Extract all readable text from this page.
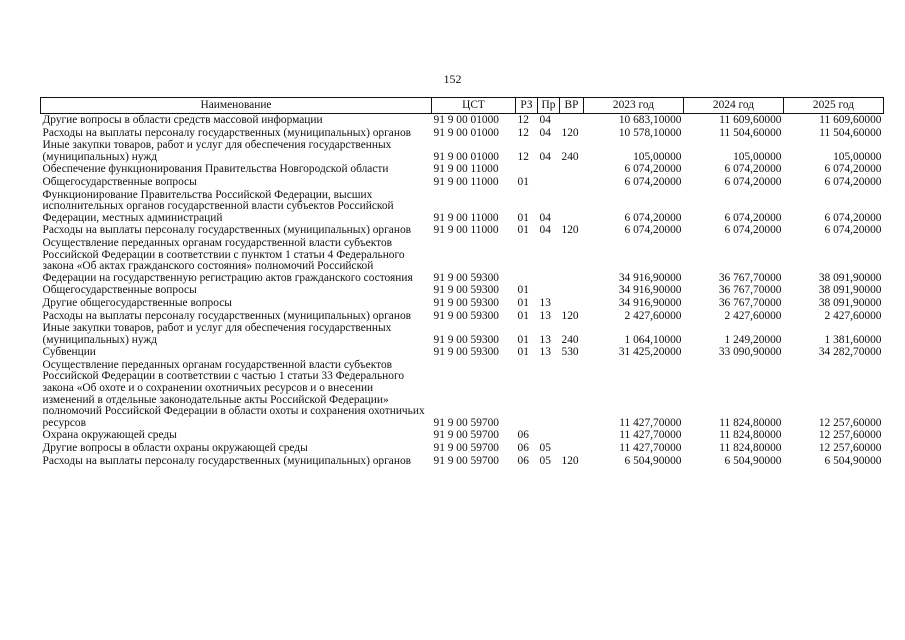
152
Наименование	ЦСТ	РЗ	Пр	ВР	2023 год	2024 год	2025 год
Другие вопросы в области средств массовой информации	91 9 00 01000	12	04		10 683,10000	11 609,60000	11 609,60000
Расходы на выплаты персоналу государственных (муниципальных) органов	91 9 00 01000	12	04	120	10 578,10000	11 504,60000	11 504,60000
Иные закупки товаров, работ и услуг для обеспечения государственных (муниципальных) нужд	91 9 00 01000	12	04	240	105,00000	105,00000	105,00000
Обеспечение функционирования Правительства Новгородской области	91 9 00 11000				6 074,20000	6 074,20000	6 074,20000
Общегосударственные вопросы	91 9 00 11000	01			6 074,20000	6 074,20000	6 074,20000
Функционирование Правительства Российской Федерации, высших исполнительных органов государственной власти субъектов Российской Федерации, местных администраций	91 9 00 11000	01	04		6 074,20000	6 074,20000	6 074,20000
Расходы на выплаты персоналу государственных (муниципальных) органов	91 9 00 11000	01	04	120	6 074,20000	6 074,20000	6 074,20000
Осуществление переданных органам государственной власти субъектов Российской Федерации в соответствии с пунктом 1 статьи 4 Федерального закона «Об актах гражданского состояния» полномочий Российской Федерации на государственную регистрацию актов гражданского состояния	91 9 00 59300				34 916,90000	36 767,70000	38 091,90000
Общегосударственные вопросы	91 9 00 59300	01			34 916,90000	36 767,70000	38 091,90000
Другие общегосударственные вопросы	91 9 00 59300	01	13		34 916,90000	36 767,70000	38 091,90000
Расходы на выплаты персоналу государственных (муниципальных) органов	91 9 00 59300	01	13	120	2 427,60000	2 427,60000	2 427,60000
Иные закупки товаров, работ и услуг для обеспечения государственных (муниципальных) нужд	91 9 00 59300	01	13	240	1 064,10000	1 249,20000	1 381,60000
Субвенции	91 9 00 59300	01	13	530	31 425,20000	33 090,90000	34 282,70000
Осуществление переданных органам государственной власти субъектов Российской Федерации в соответствии с частью 1 статьи 33 Федерального закона «Об охоте и о сохранении охотничьих ресурсов и о внесении изменений в отдельные законодательные акты Российской Федерации» полномочий Российской Федерации в области охоты и сохранения охотничьих ресурсов	91 9 00 59700				11 427,70000	11 824,80000	12 257,60000
Охрана окружающей среды	91 9 00 59700	06			11 427,70000	11 824,80000	12 257,60000
Другие вопросы в области охраны окружающей среды	91 9 00 59700	06	05		11 427,70000	11 824,80000	12 257,60000
Расходы на выплаты персоналу государственных (муниципальных) органов	91 9 00 59700	06	05	120	6 504,90000	6 504,90000	6 504,90000
